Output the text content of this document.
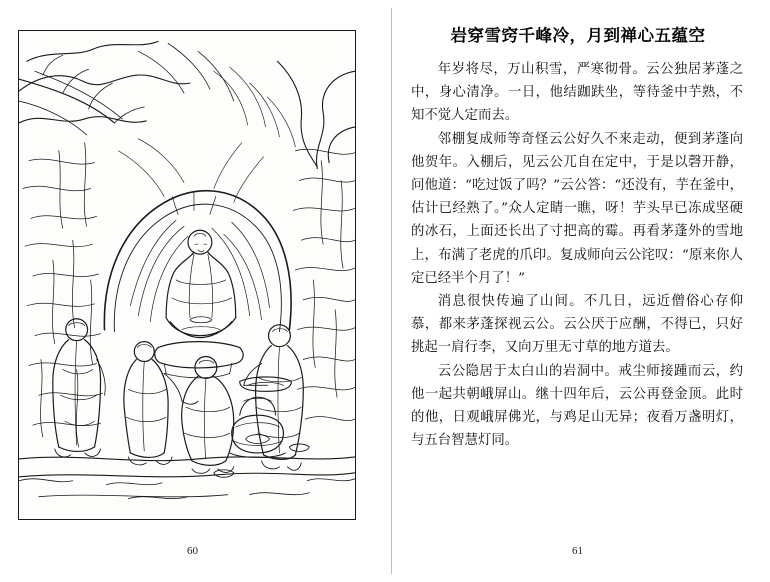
60
岩穿雪窍千峰冷，月到禅心五蕴空

年岁将尽，万山积雪，严寒彻骨。云公独居茅蓬之中，身心清净。一日，他结跏趺坐，等待釜中芋熟，不知不觉人定而去。

邻棚复成师等奇怪云公好久不来走动，便到茅蓬向他贺年。入棚后，见云公兀自在定中，于是以磬开静，问他道：“吃过饭了吗？”云公答：“还没有，芋在釜中，估计已经熟了。”众人定睛一瞧，呀！芋头早已冻成坚硬的冰石，上面还长出了寸把高的霉。再看茅蓬外的雪地上，布满了老虎的爪印。复成师向云公诧叹：“原来你人定已经半个月了！”

消息很快传遍了山间。不几日，远近僧俗心存仰慕，都来茅蓬探视云公。云公厌于应酬，不得已，只好挑起一肩行李，又向万里无寸草的地方道去。

云公隐居于太白山的岩洞中。戒尘师接踵而云，约他一起共朝峨屏山。继十四年后，云公再登金顶。此时的他，日观峨屏佛光，与鸡足山无异；夜看万盏明灯，与五台智慧灯同。

61
